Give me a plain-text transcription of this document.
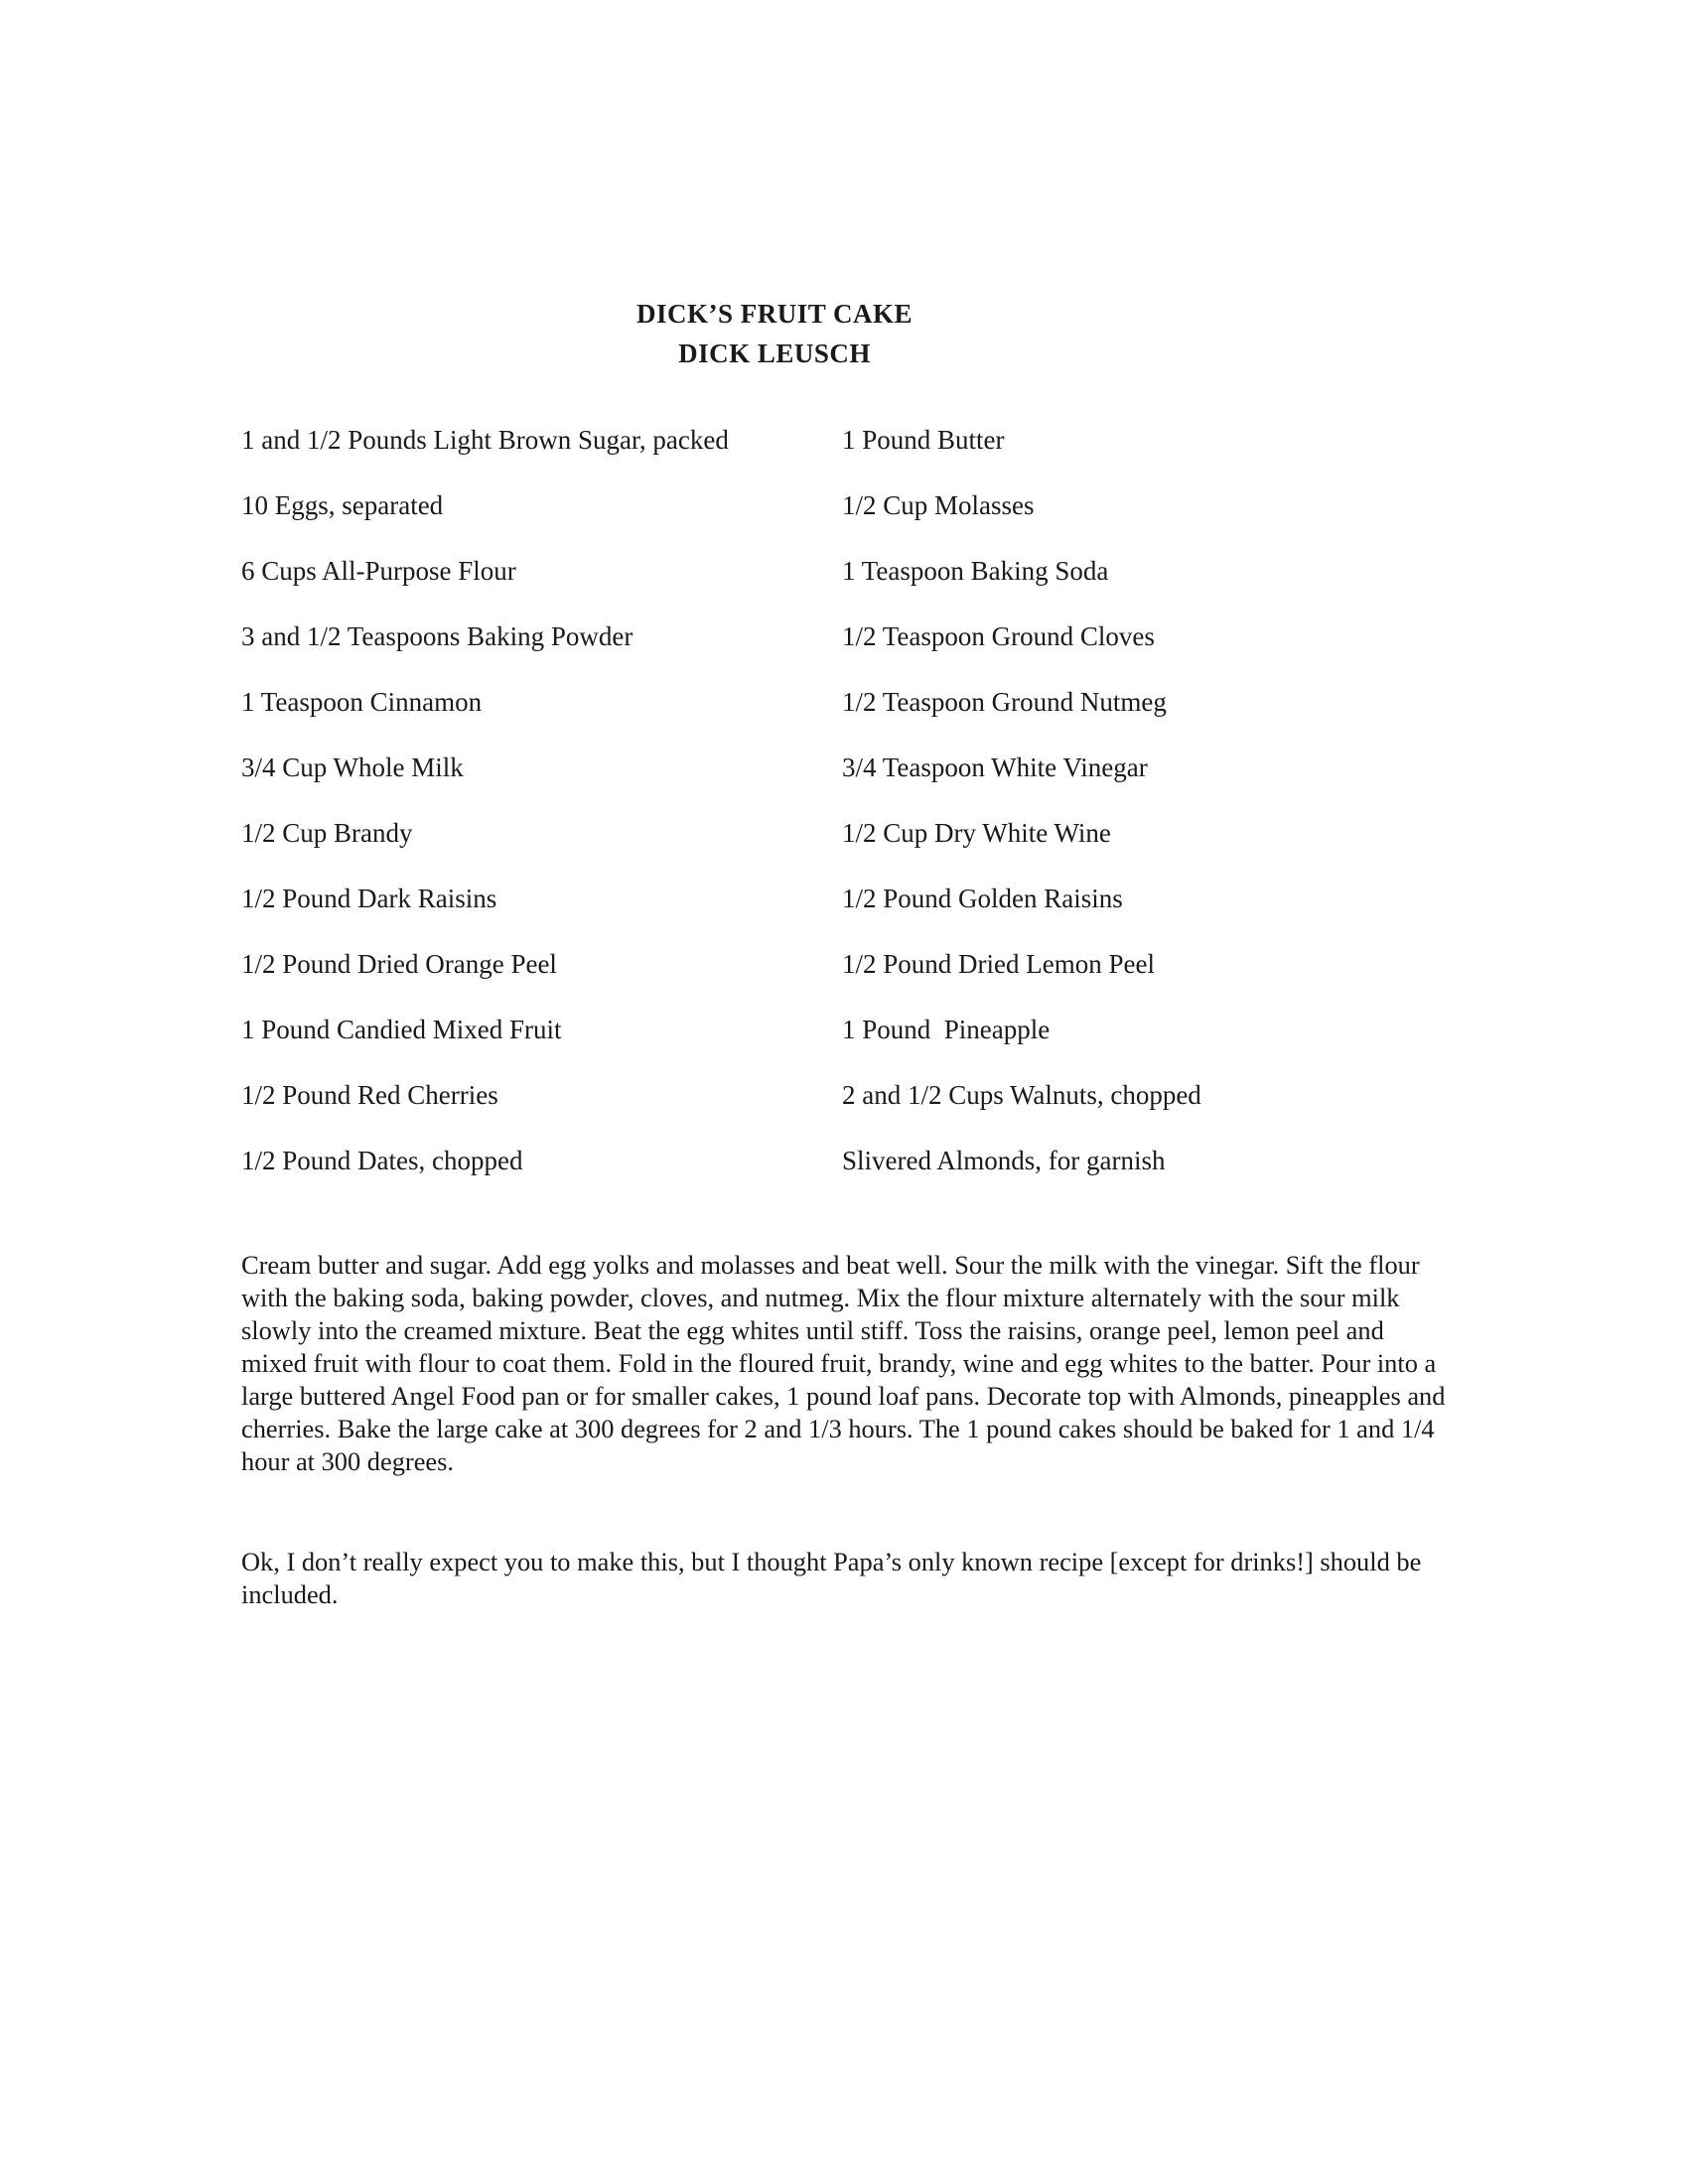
DICK’S FRUIT CAKE
DICK LEUSCH
1 and 1/2 Pounds Light Brown Sugar, packed	1 Pound Butter
10 Eggs, separated	1/2 Cup Molasses
6 Cups All-Purpose Flour	1 Teaspoon Baking Soda
3 and 1/2 Teaspoons Baking Powder	1/2 Teaspoon Ground Cloves
1 Teaspoon Cinnamon	1/2 Teaspoon Ground Nutmeg
3/4 Cup Whole Milk	3/4 Teaspoon White Vinegar
1/2 Cup Brandy	1/2 Cup Dry White Wine
1/2 Pound Dark Raisins	1/2 Pound Golden Raisins
1/2 Pound Dried Orange Peel	1/2 Pound Dried Lemon Peel
1 Pound Candied Mixed Fruit	1 Pound  Pineapple
1/2 Pound Red Cherries	2 and 1/2 Cups Walnuts, chopped
1/2 Pound Dates, chopped	Slivered Almonds, for garnish

Cream butter and sugar. Add egg yolks and molasses and beat well. Sour the milk with the vinegar. Sift the flour with the baking soda, baking powder, cloves, and nutmeg. Mix the flour mixture alternately with the sour milk slowly into the creamed mixture. Beat the egg whites until stiff. Toss the raisins, orange peel, lemon peel and mixed fruit with flour to coat them. Fold in the floured fruit, brandy, wine and egg whites to the batter. Pour into a large buttered Angel Food pan or for smaller cakes, 1 pound loaf pans. Decorate top with Almonds, pineapples and cherries. Bake the large cake at 300 degrees for 2 and 1/3 hours. The 1 pound cakes should be baked for 1 and 1/4 hour at 300 degrees.

Ok, I don’t really expect you to make this, but I thought Papa’s only known recipe [except for drinks!] should be included.
